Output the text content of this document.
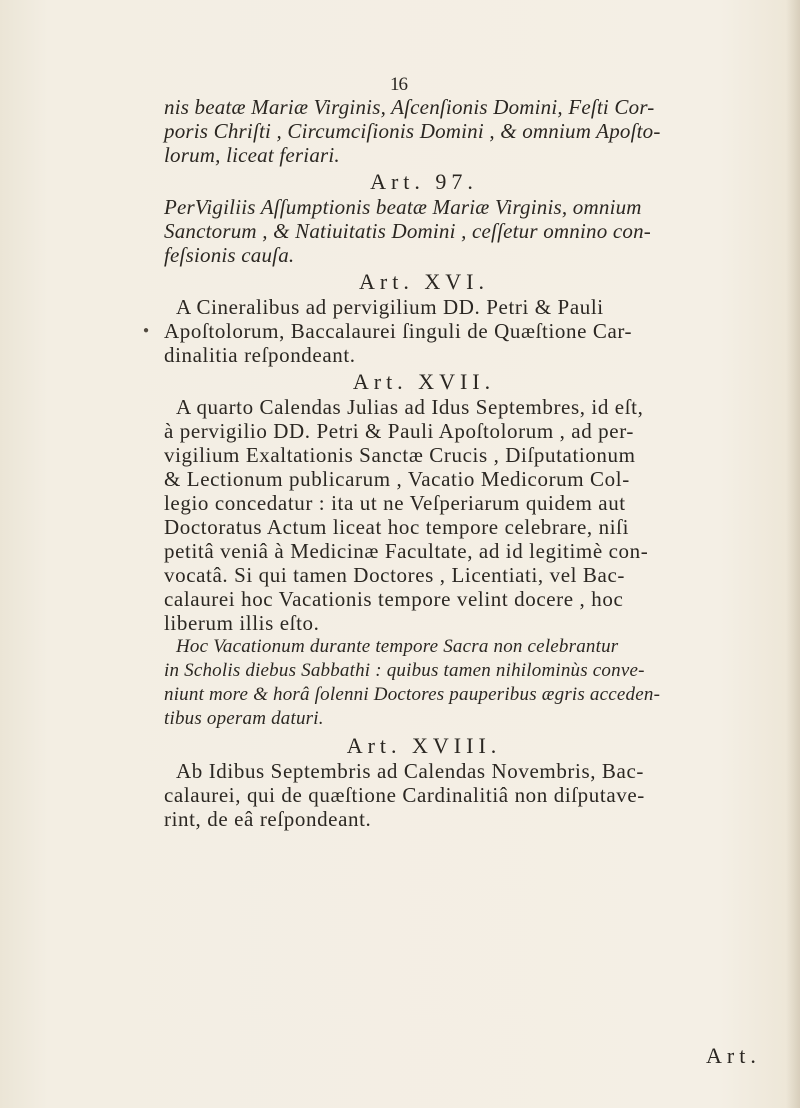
16
●
nis beatæ Mariæ Virginis, Aſcenſionis Domini, Feſti Cor-
poris Chriſti , Circumciſionis Domini , & omnium Apoſto-
lorum, liceat feriari.
Art. 97.
PerVigiliis Aſſumptionis beatæ Mariæ Virginis, omnium
Sanctorum , & Natiuitatis Domini , ceſſetur omnino con-
feſsionis cauſa.
Art. XVI.
A Cineralibus ad pervigilium DD. Petri & Pauli
Apoſtolorum, Baccalaurei ſinguli de Quæſtione Car-
dinalitia reſpondeant.
Art. XVII.
A quarto Calendas Julias ad Idus Septembres, id eſt,
à pervigilio DD. Petri & Pauli Apoſtolorum , ad per-
vigilium Exaltationis Sanctæ Crucis , Diſputationum
& Lectionum publicarum , Vacatio Medicorum Col-
legio concedatur : ita ut ne Veſperiarum quidem aut
Doctoratus Actum liceat hoc tempore celebrare, niſi
petitâ veniâ à Medicinæ Facultate, ad id legitimè con-
vocatâ. Si qui tamen Doctores , Licentiati, vel Bac-
calaurei hoc Vacationis tempore velint docere , hoc
liberum illis eſto.
Hoc Vacationum durante tempore Sacra non celebrantur
in Scholis diebus Sabbathi : quibus tamen nihilominùs conve-
niunt more & horâ ſolenni Doctores pauperibus ægris acceden-
tibus operam daturi.
Art. XVIII.
Ab Idibus Septembris ad Calendas Novembris, Bac-
calaurei, qui de quæſtione Cardinalitiâ non diſputave-
rint, de eâ reſpondeant.
Art.
